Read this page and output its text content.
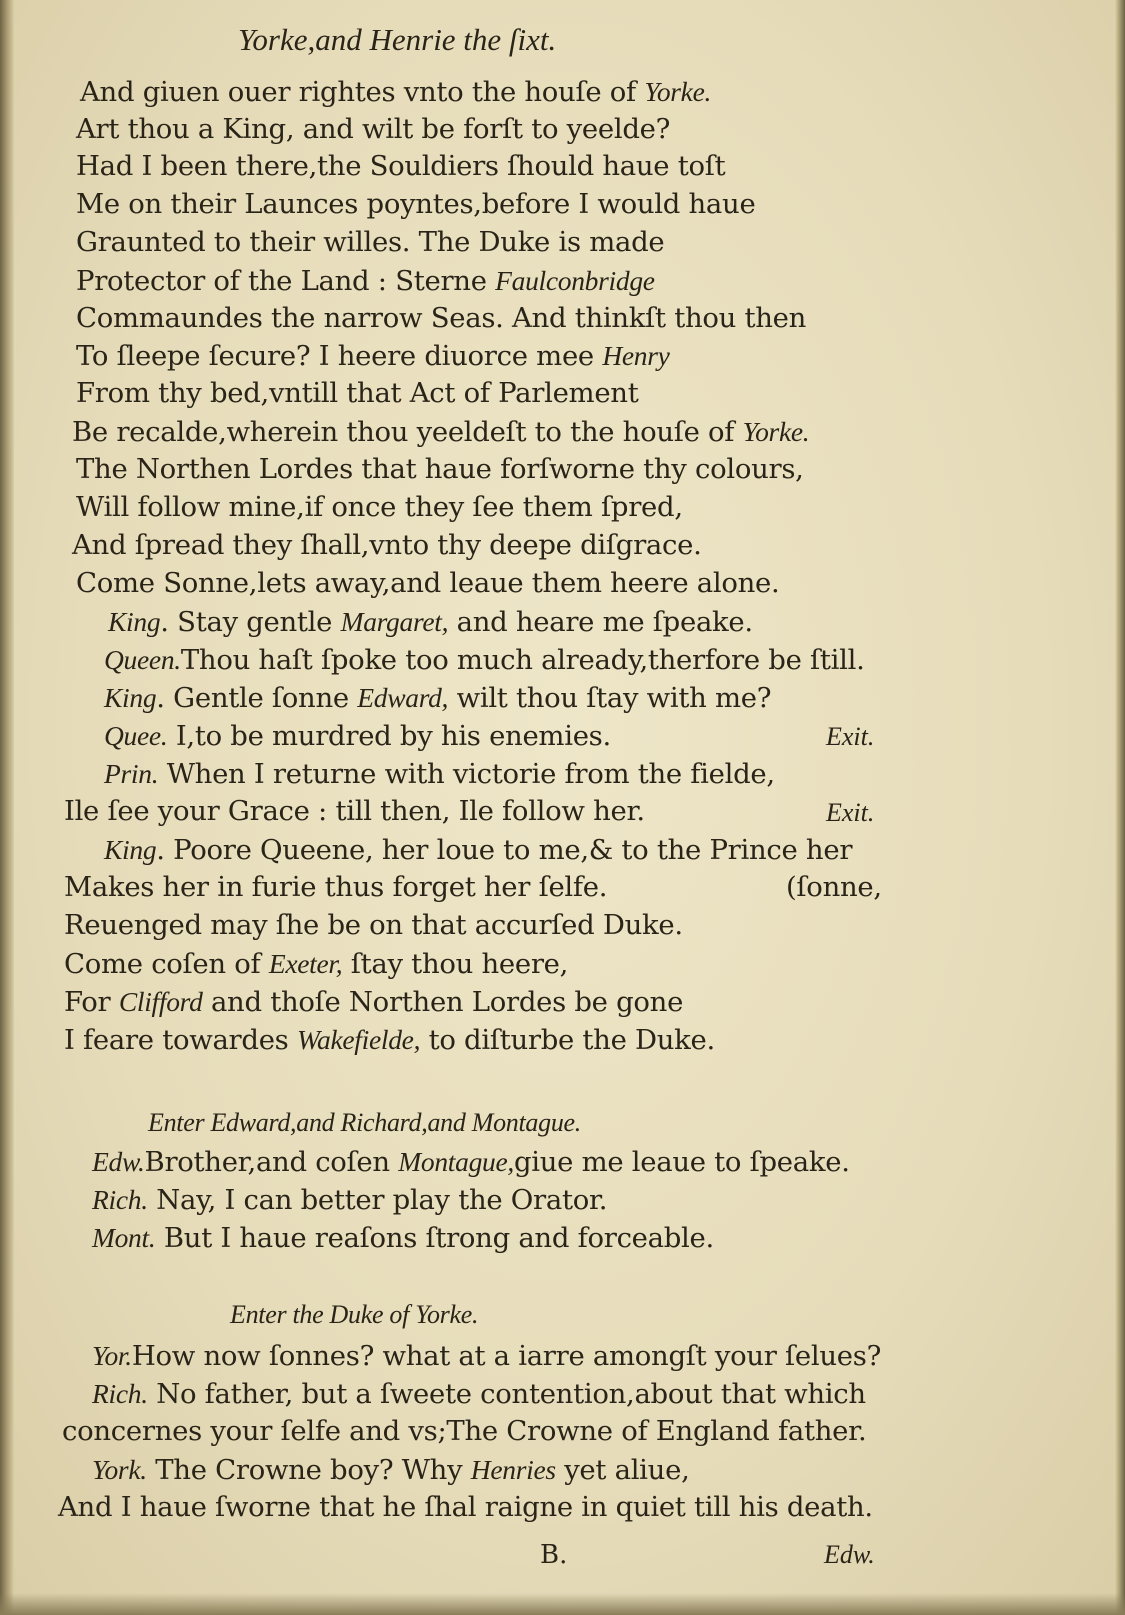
Yorke,and Henrie the ſixt.
And giuen ouer rightes vnto the houſe of Yorke.
Art thou a King, and wilt be forſt to yeelde?
Had I been there,the Souldiers ſhould haue toſt
Me on their Launces poyntes,before I would haue
Graunted to their willes. The Duke is made
Protector of the Land : Sterne Faulconbridge
Commaundes the narrow Seas. And thinkſt thou then
To ſleepe ſecure? I heere diuorce mee Henry
From thy bed,vntill that Act of Parlement
Be recalde,wherein thou yeeldeſt to the houſe of Yorke.
The Northen Lordes that haue forſworne thy colours,
Will follow mine,if once they ſee them ſpred,
And ſpread they ſhall,vnto thy deepe diſgrace.
Come Sonne,lets away,and leaue them heere alone.
King. Stay gentle Margaret, and heare me ſpeake.
Queen.Thou haſt ſpoke too much already,therfore be ſtill.
King. Gentle ſonne Edward, wilt thou ſtay with me?
Quee. I,to be murdred by his enemies.	Exit.
Prin. When I returne with victorie from the fielde,
Ile ſee your Grace : till then, Ile follow her.	Exit.
King. Poore Queene, her loue to me,& to the Prince her
Makes her in furie thus forget her ſelfe.	(ſonne,
Reuenged may ſhe be on that accurſed Duke.
Come coſen of Exeter, ſtay thou heere,
For Clifford and thoſe Northen Lordes be gone
I feare towardes Wakefielde, to diſturbe the Duke.
Enter Edward,and Richard,and Montague.
Edw.Brother,and coſen Montague,giue me leaue to ſpeake.
Rich. Nay, I can better play the Orator.
Mont. But I haue reaſons ſtrong and forceable.
Enter the Duke of Yorke.
Yor.How now ſonnes? what at a iarre amongſt your ſelues?
Rich. No father, but a ſweete contention,about that which
concernes your ſelfe and vs;The Crowne of England father.
York. The Crowne boy? Why Henries yet aliue,
And I haue ſworne that he ſhal raigne in quiet till his death.
B.	Edw.
